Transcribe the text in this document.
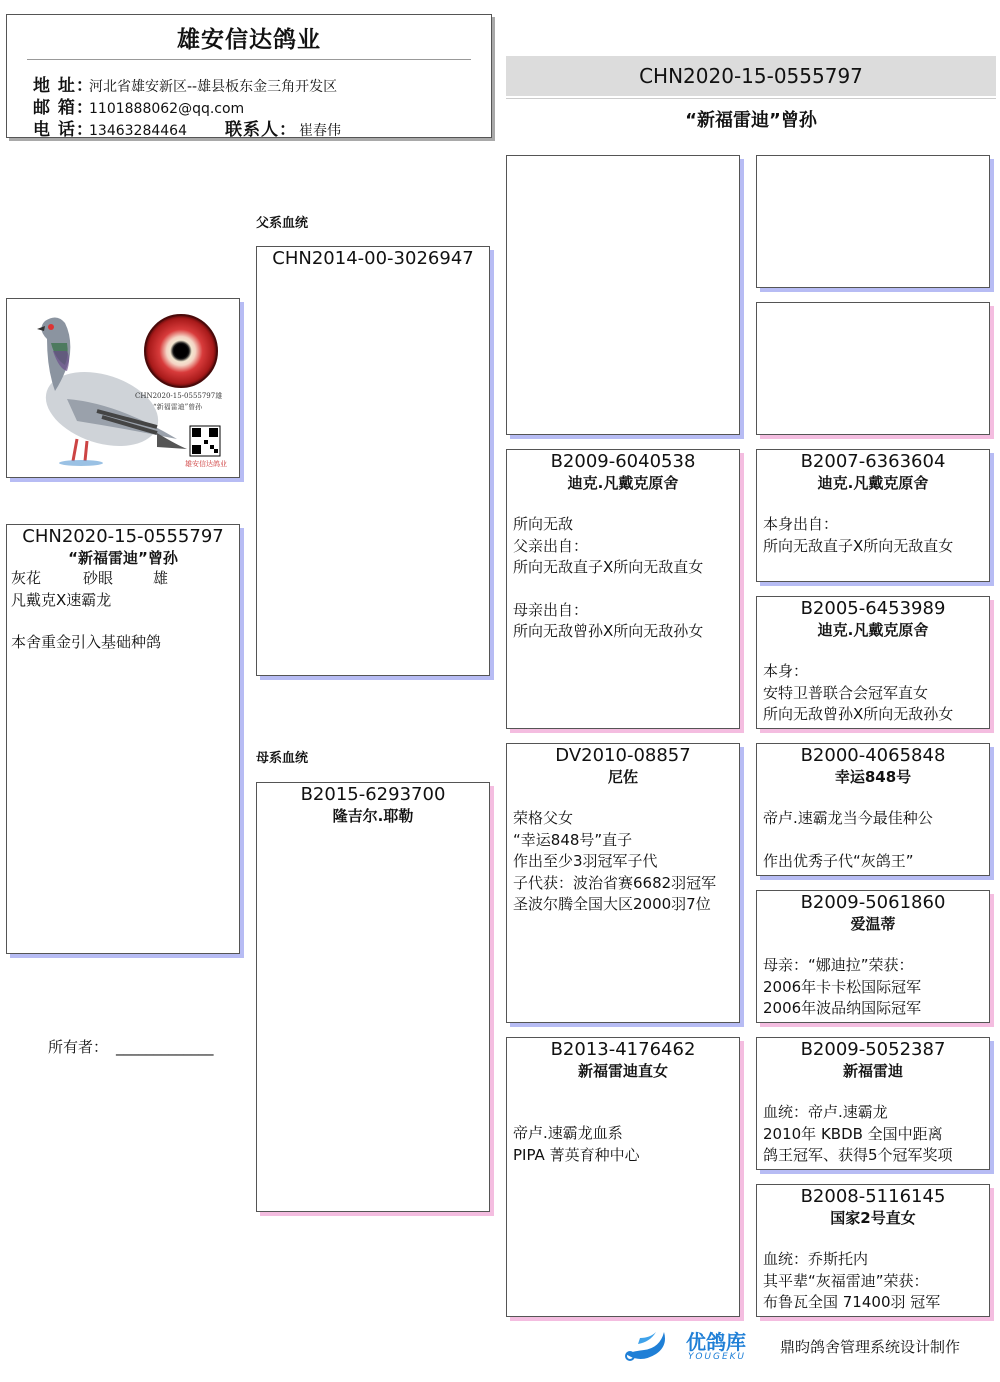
雄安信达鸽业
地 址：河北省雄安新区--雄县板东金三角开发区
邮 箱：1101888062@qq.com
电 话：13463284464 联系人： 崔春伟
CHN2020-15-0555797
“新福雷迪”曾孙
CHN2020-15-0555797雄
“新福雷迪”曾孙
雄安信达鸽业
CHN2020-15-0555797
“新福雷迪”曾孙
灰花	砂眼	雄
凡戴克X速霸龙
本舍重金引入基础种鸽
所有者： _____________
父系血统
母系血统
CHN2014-00-3026947
B2015-6293700
隆吉尔.耶勒
B2009-6040538
迪克.凡戴克原舍
所向无敌
父亲出自：
所向无敌直子X所向无敌直女
母亲出自：
所向无敌曾孙X所向无敌孙女
DV2010-08857
尼佐
荣格父女
“幸运848号”直子
作出至少3羽冠军子代
子代获：波治省赛6682羽冠军
圣波尔腾全国大区2000羽7位
B2013-4176462
新福雷迪直女
帝卢.速霸龙血系
PIPA 菁英育种中心
B2007-6363604
迪克.凡戴克原舍
本身出自：
所向无敌直子X所向无敌直女
B2005-6453989
迪克.凡戴克原舍
本身：
安特卫普联合会冠军直女
所向无敌曾孙X所向无敌孙女
B2000-4065848
幸运848号
帝卢.速霸龙当今最佳种公
作出优秀子代“灰鸽王”
B2009-5061860
爱温蒂
母亲：“娜迪拉”荣获：
2006年卡卡松国际冠军
2006年波品纳国际冠军
B2009-5052387
新福雷迪
血统：帝卢.速霸龙
2010年 KBDB 全国中距离
鸽王冠军、获得5个冠军奖项
B2008-5116145
国家2号直女
血统：乔斯托内
其平辈“灰福雷迪”荣获：
布鲁瓦全国 71400羽 冠军
优鸽库
YOUGEKU
鼎昀鸽舍管理系统设计制作
